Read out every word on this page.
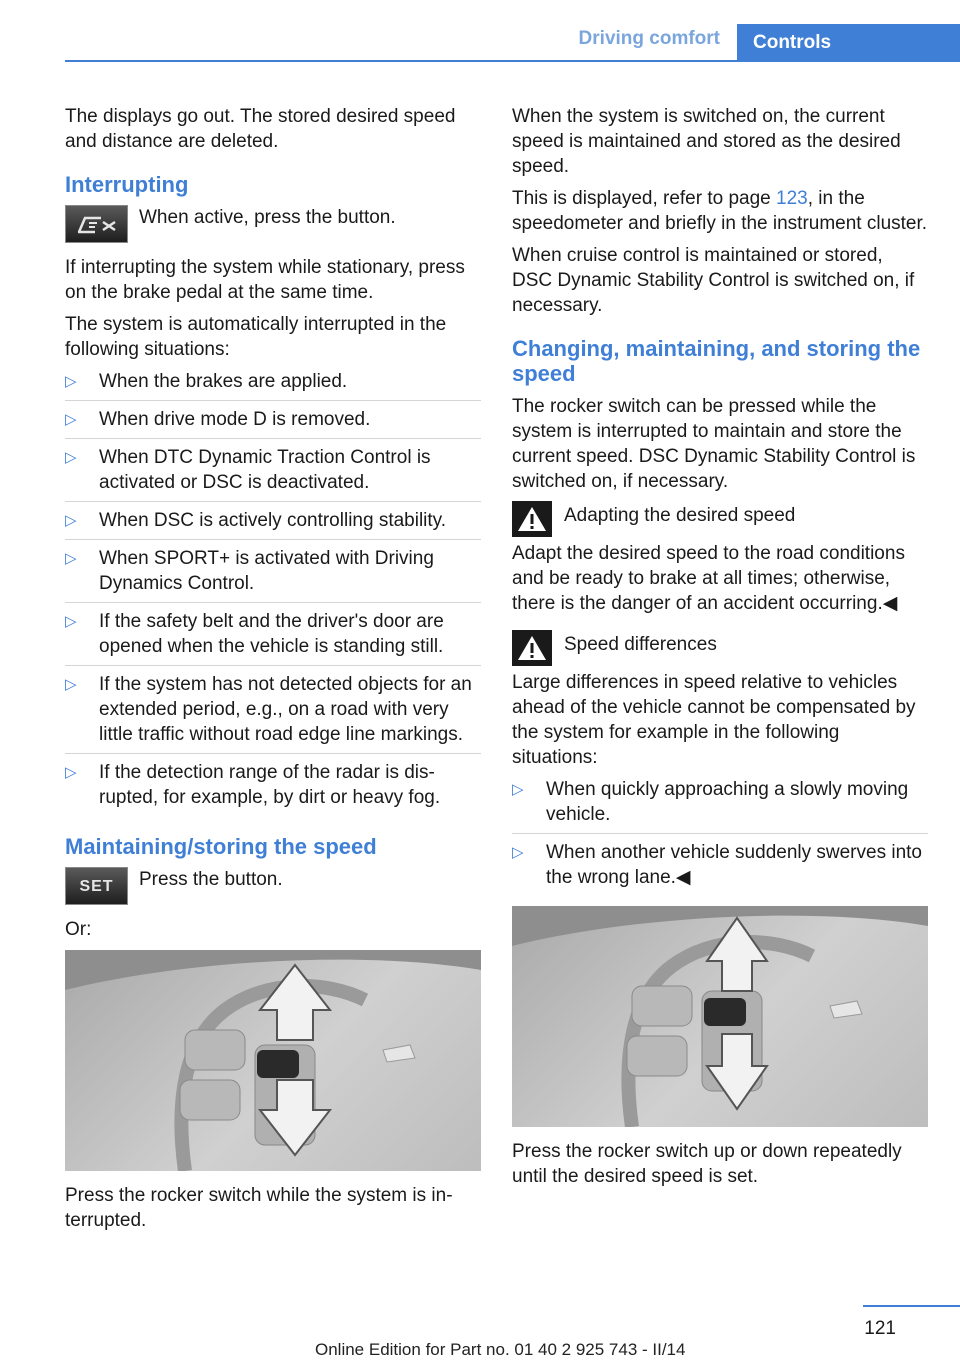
Driving comfort Controls

The displays go out. The stored desired speed and distance are deleted.

Interrupting
When active, press the button.

If interrupting the system while stationary, press on the brake pedal at the same time.

The system is automatically interrupted in the following situations:

▷ When the brakes are applied.
▷ When drive mode D is removed.
▷ When DTC Dynamic Traction Control is activated or DSC is deactivated.
▷ When DSC is actively controlling stability.
▷ When SPORT+ is activated with Driving Dynamics Control.
▷ If the safety belt and the driver's door are opened when the vehicle is standing still.
▷ If the system has not detected objects for an extended period, e.g., on a road with very little traffic without road edge line markings.
▷ If the detection range of the radar is disrupted, for example, by dirt or heavy fog.
Maintaining/storing the speed
SET	Press the button.

Or:

Press the rocker switch while the system is interrupted.

When the system is switched on, the current speed is maintained and stored as the desired speed.

This is displayed, refer to page 123, in the speedometer and briefly in the instrument cluster.

When cruise control is maintained or stored, DSC Dynamic Stability Control is switched on, if necessary.

Changing, maintaining, and storing the speed

The rocker switch can be pressed while the system is interrupted to maintain and store the current speed. DSC Dynamic Stability Control is switched on, if necessary.

Adapting the desired speed

Adapt the desired speed to the road conditions and be ready to brake at all times; otherwise, there is the danger of an accident occurring.◀

Speed differences

Large differences in speed relative to vehicles ahead of the vehicle cannot be compensated by the system for example in the following situations:

▷ When quickly approaching a slowly moving vehicle.
▷ When another vehicle suddenly swerves into the wrong lane.◀

Press the rocker switch up or down repeatedly until the desired speed is set.

121
Online Edition for Part no. 01 40 2 925 743 - II/14
